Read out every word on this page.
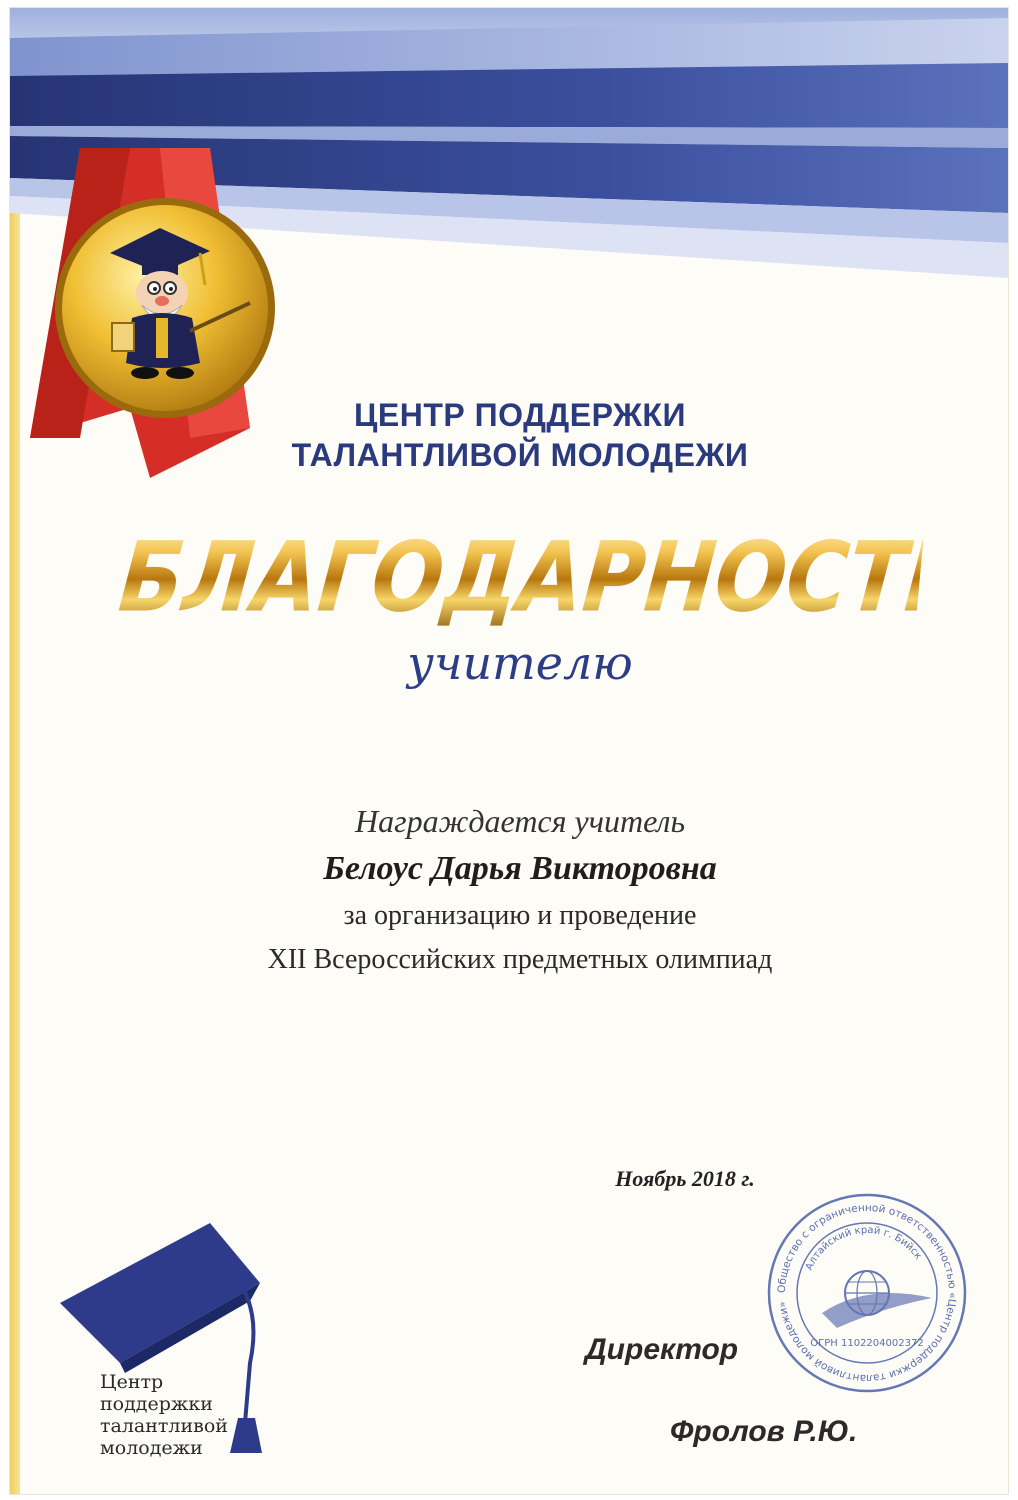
ЦЕНТР ПОДДЕРЖКИ
ТАЛАНТЛИВОЙ МОЛОДЕЖИ
БЛАГОДАРНОСТЬ
учителю
Награждается учитель
Белоус Дарья Викторовна
за организацию и проведение
XII Всероссийских предметных олимпиад
Ноябрь 2018 г.
Общество с ограниченной ответственностью «Центр поддержки талантливой молодежи»
Алтайский край г. Бийск
ОГРН 1102204002372
Директор
Фролов Р.Ю.
Центр
поддержки
талантливой
молодежи
